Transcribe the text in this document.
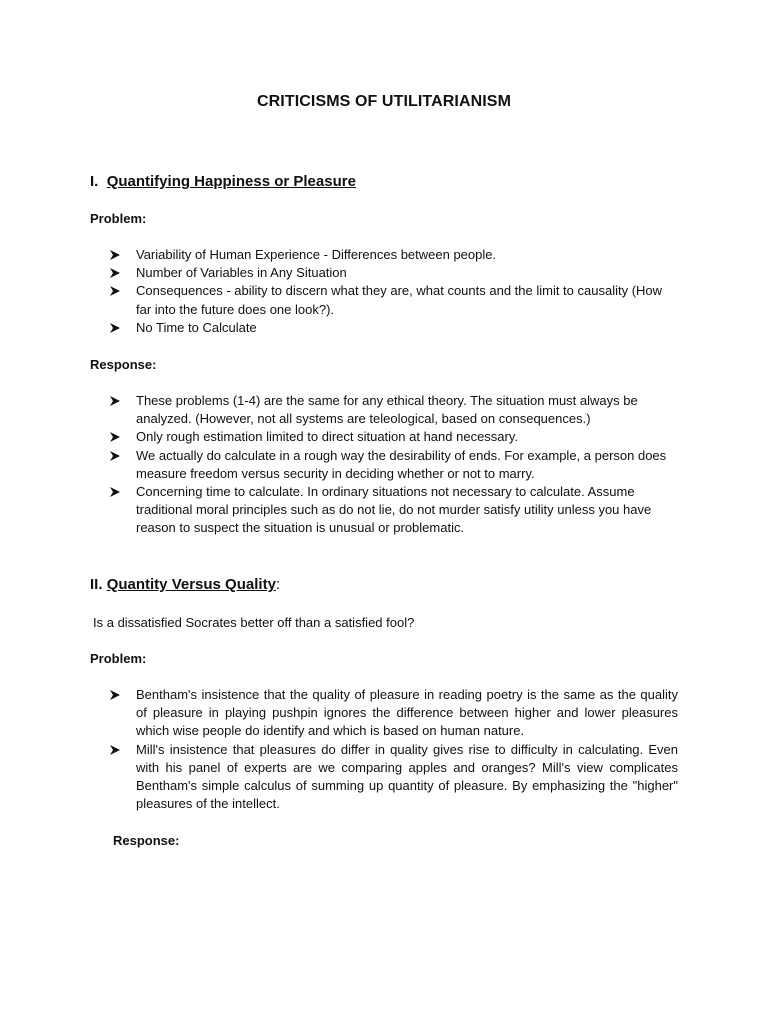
CRITICISMS OF UTILITARIANISM
I. Quantifying Happiness or Pleasure
Problem:
Variability of Human Experience - Differences between people.
Number of Variables in Any Situation
Consequences - ability to discern what they are, what counts and the limit to causality (How far into the future does one look?).
No Time to Calculate
Response:
These problems (1-4) are the same for any ethical theory. The situation must always be analyzed. (However, not all systems are teleological, based on consequences.)
Only rough estimation limited to direct situation at hand necessary.
We actually do calculate in a rough way the desirability of ends. For example, a person does measure freedom versus security in deciding whether or not to marry.
Concerning time to calculate. In ordinary situations not necessary to calculate. Assume traditional moral principles such as do not lie, do not murder satisfy utility unless you have reason to suspect the situation is unusual or problematic.
II. Quantity Versus Quality:
Is a dissatisfied Socrates better off than a satisfied fool?
Problem:
Bentham's insistence that the quality of pleasure in reading poetry is the same as the quality of pleasure in playing pushpin ignores the difference between higher and lower pleasures which wise people do identify and which is based on human nature.
Mill's insistence that pleasures do differ in quality gives rise to difficulty in calculating. Even with his panel of experts are we comparing apples and oranges? Mill's view complicates Bentham's simple calculus of summing up quantity of pleasure. By emphasizing the "higher" pleasures of the intellect.
Response:
